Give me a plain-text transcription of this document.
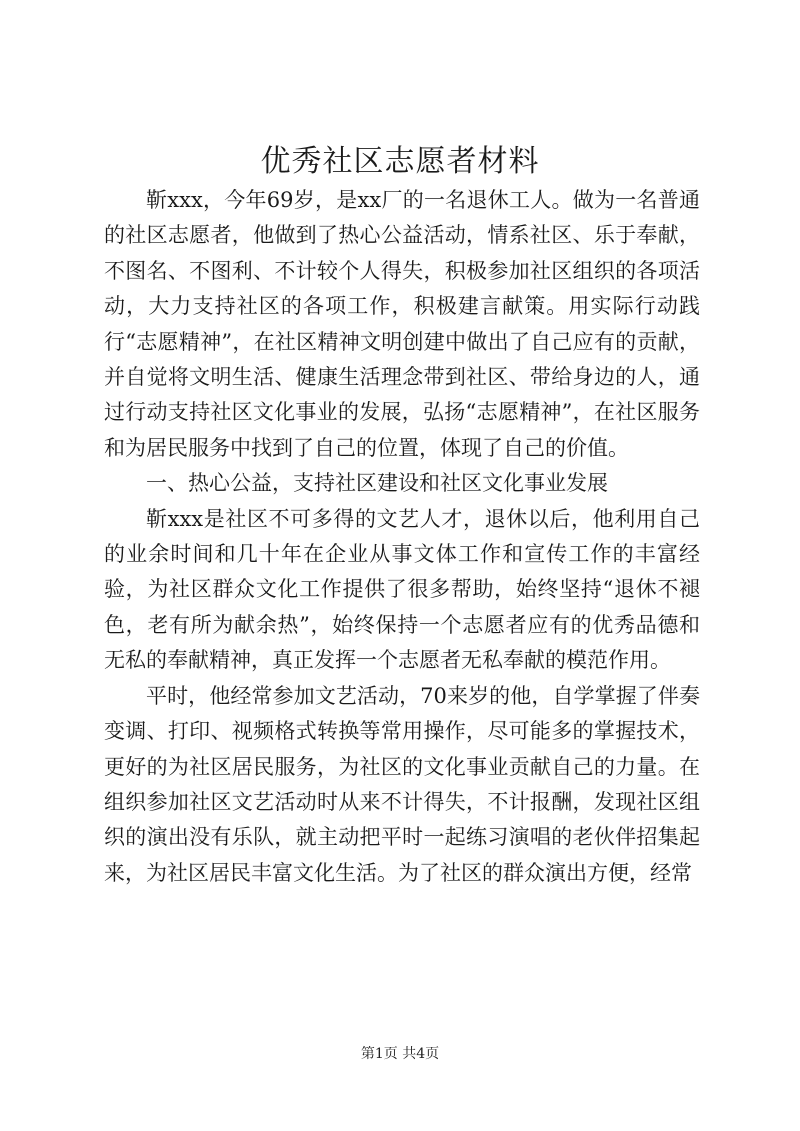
优秀社区志愿者材料

靳xxx，今年69岁，是xx厂的一名退休工人。做为一名普通的社区志愿者，他做到了热心公益活动，情系社区、乐于奉献，不图名、不图利、不计较个人得失，积极参加社区组织的各项活动，大力支持社区的各项工作，积极建言献策。用实际行动践行“志愿精神”，在社区精神文明创建中做出了自己应有的贡献，并自觉将文明生活、健康生活理念带到社区、带给身边的人，通过行动支持社区文化事业的发展，弘扬“志愿精神”，在社区服务和为居民服务中找到了自己的位置，体现了自己的价值。

一、热心公益，支持社区建设和社区文化事业发展

靳xxx是社区不可多得的文艺人才，退休以后，他利用自己的业余时间和几十年在企业从事文体工作和宣传工作的丰富经验，为社区群众文化工作提供了很多帮助，始终坚持“退休不褪色，老有所为献余热”，始终保持一个志愿者应有的优秀品德和无私的奉献精神，真正发挥一个志愿者无私奉献的模范作用。

平时，他经常参加文艺活动，70来岁的他，自学掌握了伴奏变调、打印、视频格式转换等常用操作，尽可能多的掌握技术，更好的为社区居民服务，为社区的文化事业贡献自己的力量。在组织参加社区文艺活动时从来不计得失，不计报酬，发现社区组织的演出没有乐队，就主动把平时一起练习演唱的老伙伴招集起来，为社区居民丰富文化生活。为了社区的群众演出方便，经常

第1页 共4页
